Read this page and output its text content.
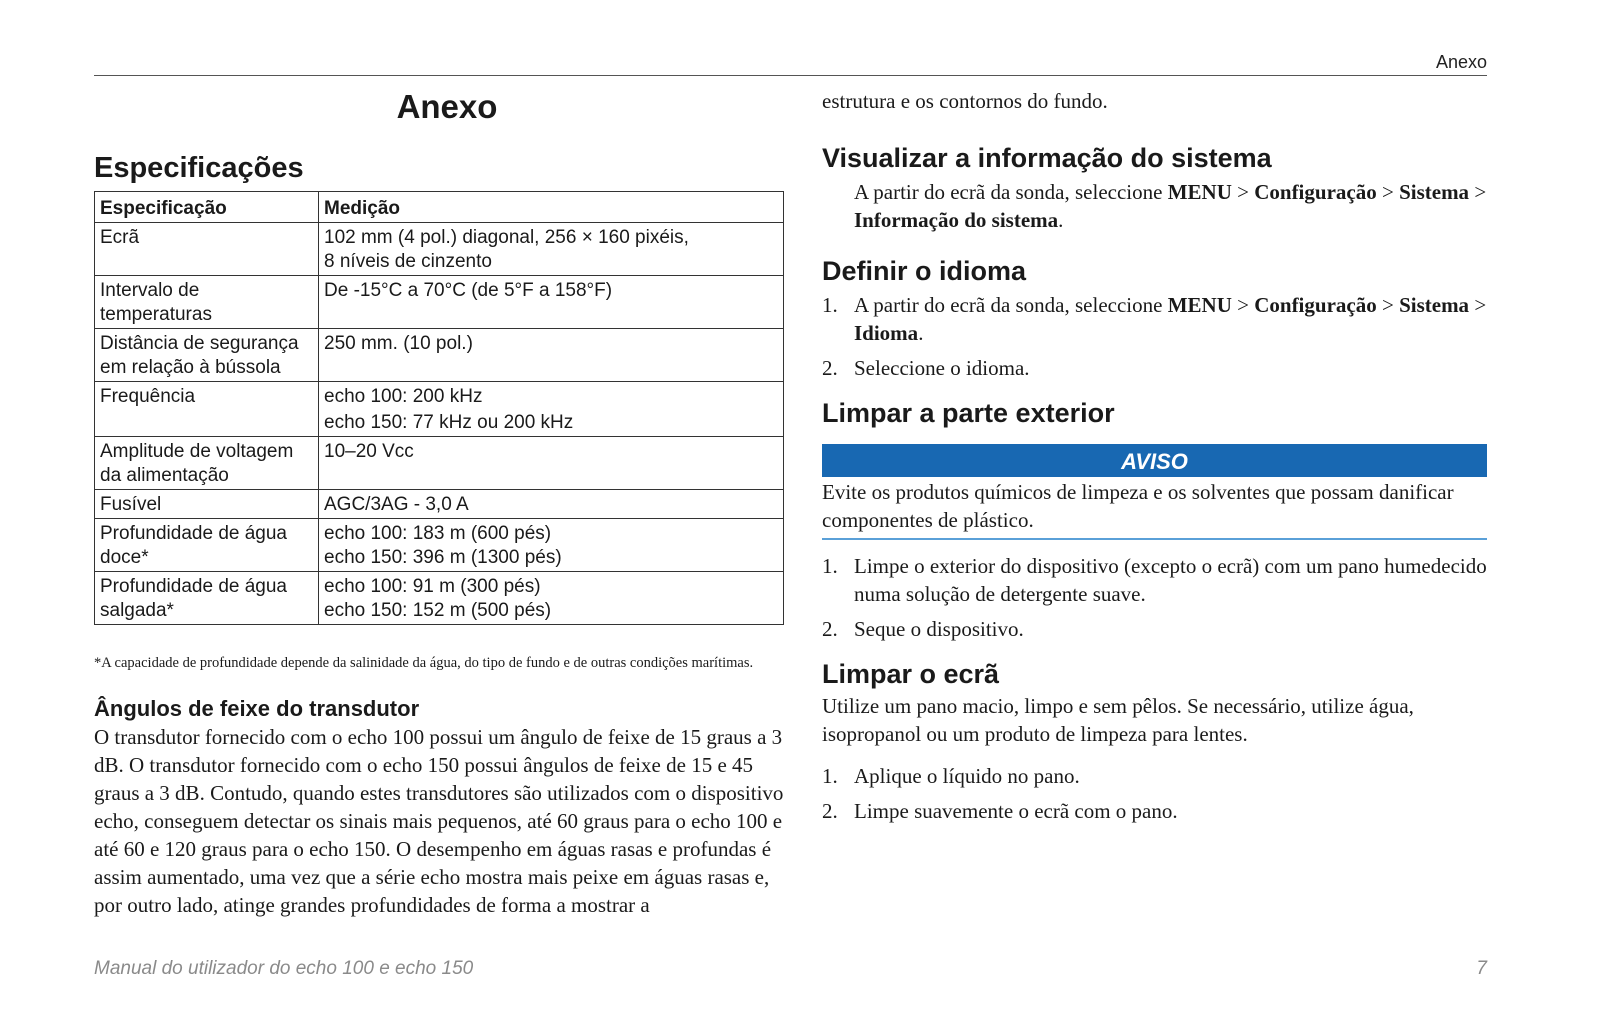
Anexo
Anexo
Especificações
Especificação	Medição
Ecrã	102 mm (4 pol.) diagonal, 256 × 160 pixéis,
8 níveis de cinzento

Intervalo de temperaturas	De -15°C a 70°C (de 5°F a 158°F)

Distância de segurança em relação à bússola	250 mm. (10 pol.)

Frequência	echo 100: 200 kHz
echo 150: 77 kHz ou 200 kHz

Amplitude de voltagem da alimentação	10–20 Vcc

Fusível	AGC/3AG - 3,0 A

Profundidade de água doce*	echo 100: 183 m (600 pés)
echo 150: 396 m (1300 pés)

Profundidade de água salgada*	echo 100: 91 m (300 pés)
echo 150: 152 m (500 pés)

*A capacidade de profundidade depende da salinidade da água, do tipo de fundo e de outras condições marítimas.

Ângulos de feixe do transdutor

O transdutor fornecido com o echo 100 possui um ângulo de feixe de 15 graus a 3 dB. O transdutor fornecido com o echo 150 possui ângulos de feixe de 15 e 45 graus a 3 dB. Contudo, quando estes transdutores são utilizados com o dispositivo echo, conseguem detectar os sinais mais pequenos, até 60 graus para o echo 100 e até 60 e 120 graus para o echo 150. O desempenho em águas rasas e profundas é assim aumentado, uma vez que a série echo mostra mais peixe em águas rasas e, por outro lado, atinge grandes profundidades de forma a mostrar a

estrutura e os contornos do fundo.

Visualizar a informação do sistema

A partir do ecrã da sonda, seleccione MENU > Configuração > Sistema > Informação do sistema.

Definir o idioma
1. A partir do ecrã da sonda, seleccione MENU > Configuração > Sistema > Idioma.
2. Seleccione o idioma.
Limpar a parte exterior
AVISO

Evite os produtos químicos de limpeza e os solventes que possam danificar componentes de plástico.

1. Limpe o exterior do dispositivo (excepto o ecrã) com um pano humedecido numa solução de detergente suave.
2. Seque o dispositivo.
Limpar o ecrã

Utilize um pano macio, limpo e sem pêlos. Se necessário, utilize água, isopropanol ou um produto de limpeza para lentes.

1. Aplique o líquido no pano.
2. Limpe suavemente o ecrã com o pano.
Manual do utilizador do echo 100 e echo 150	7
